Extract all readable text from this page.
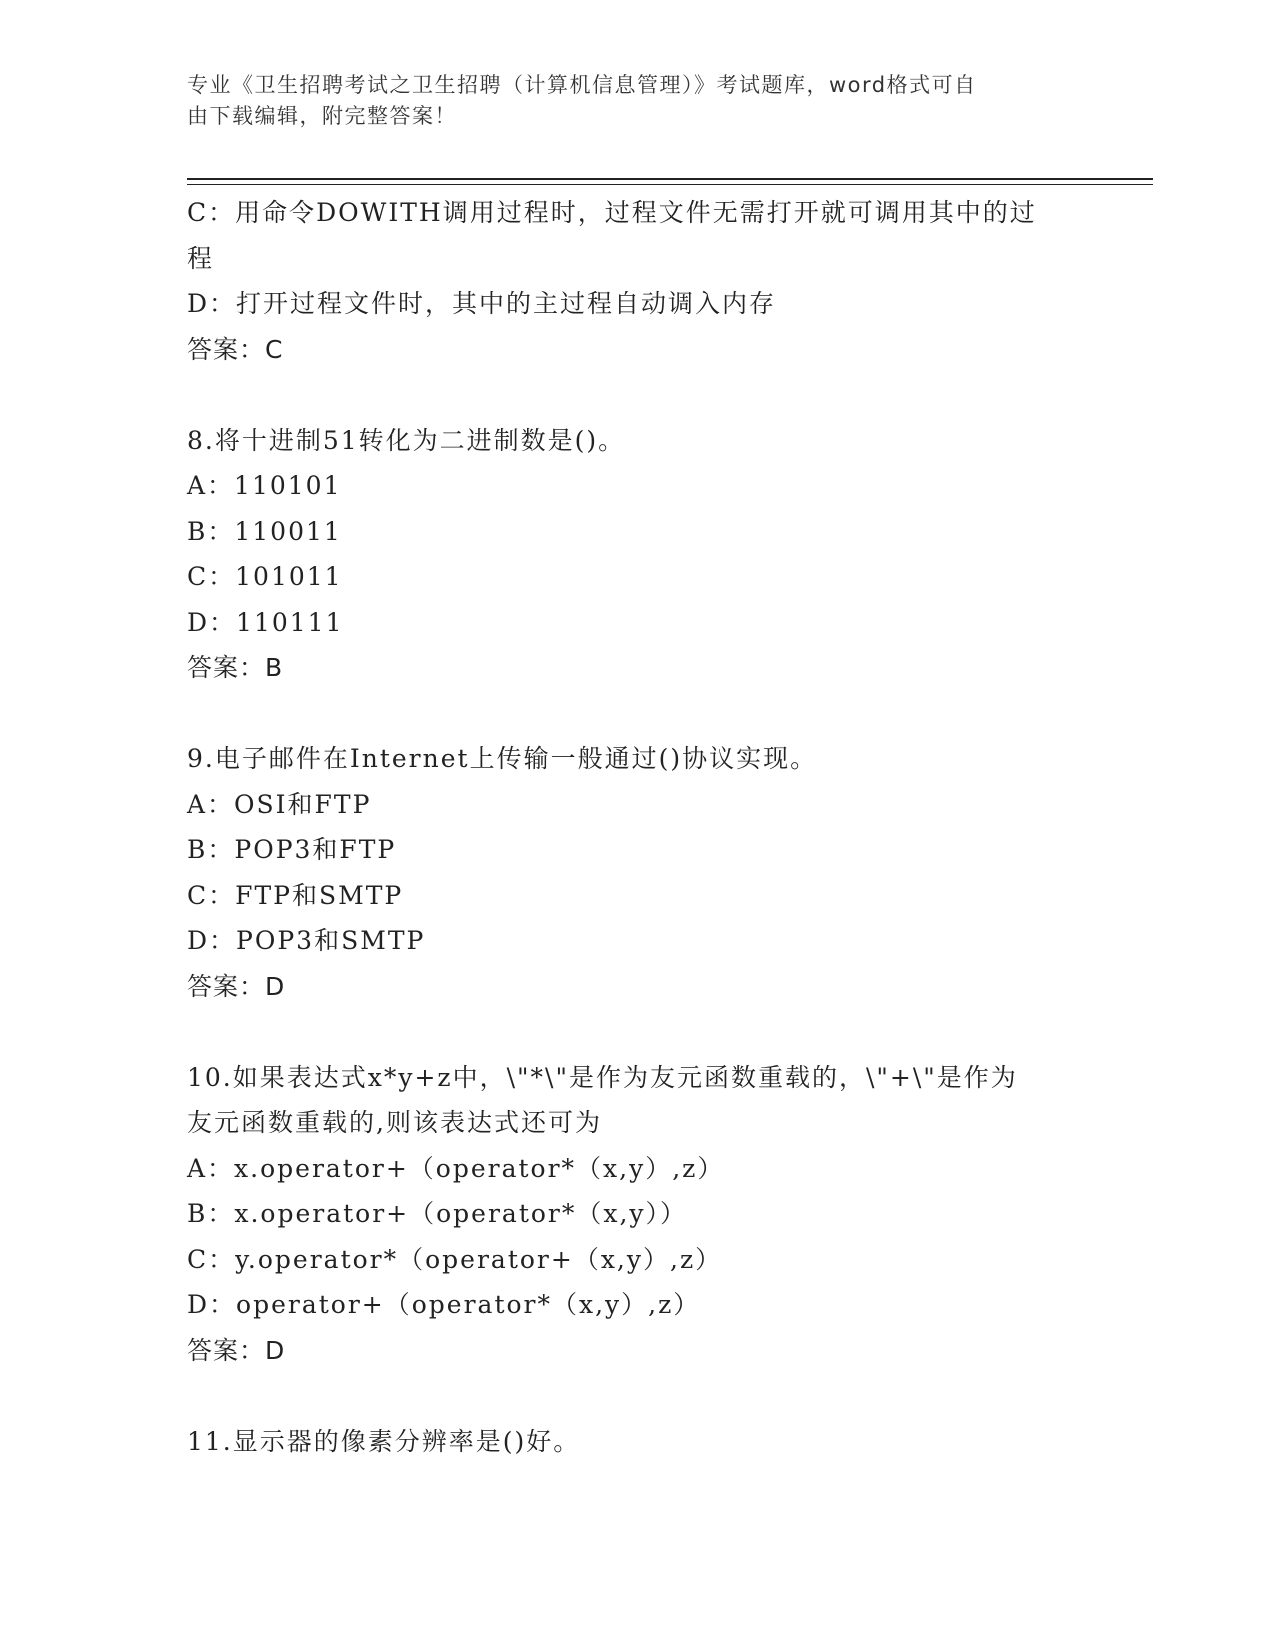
专业《卫生招聘考试之卫生招聘（计算机信息管理）》考试题库，word格式可自
由下载编辑，附完整答案！
C：用命令DOWITH调用过程时，过程文件无需打开就可调用其中的过
程
D：打开过程文件时，其中的主过程自动调入内存
答案：C
8.将十进制51转化为二进制数是()。
A：110101
B：110011
C：101011
D：110111
答案：B
9.电子邮件在Internet上传输一般通过()协议实现。
A：OSI和FTP
B：POP3和FTP
C：FTP和SMTP
D：POP3和SMTP
答案：D
10.如果表达式x*y+z中，\"*\"是作为友元函数重载的，\"+\"是作为
友元函数重载的,则该表达式还可为
A：x.operator+（operator*（x,y）,z）
B：x.operator+（operator*（x,y））
C：y.operator*（operator+（x,y）,z）
D：operator+（operator*（x,y）,z）
答案：D
11.显示器的像素分辨率是()好。
